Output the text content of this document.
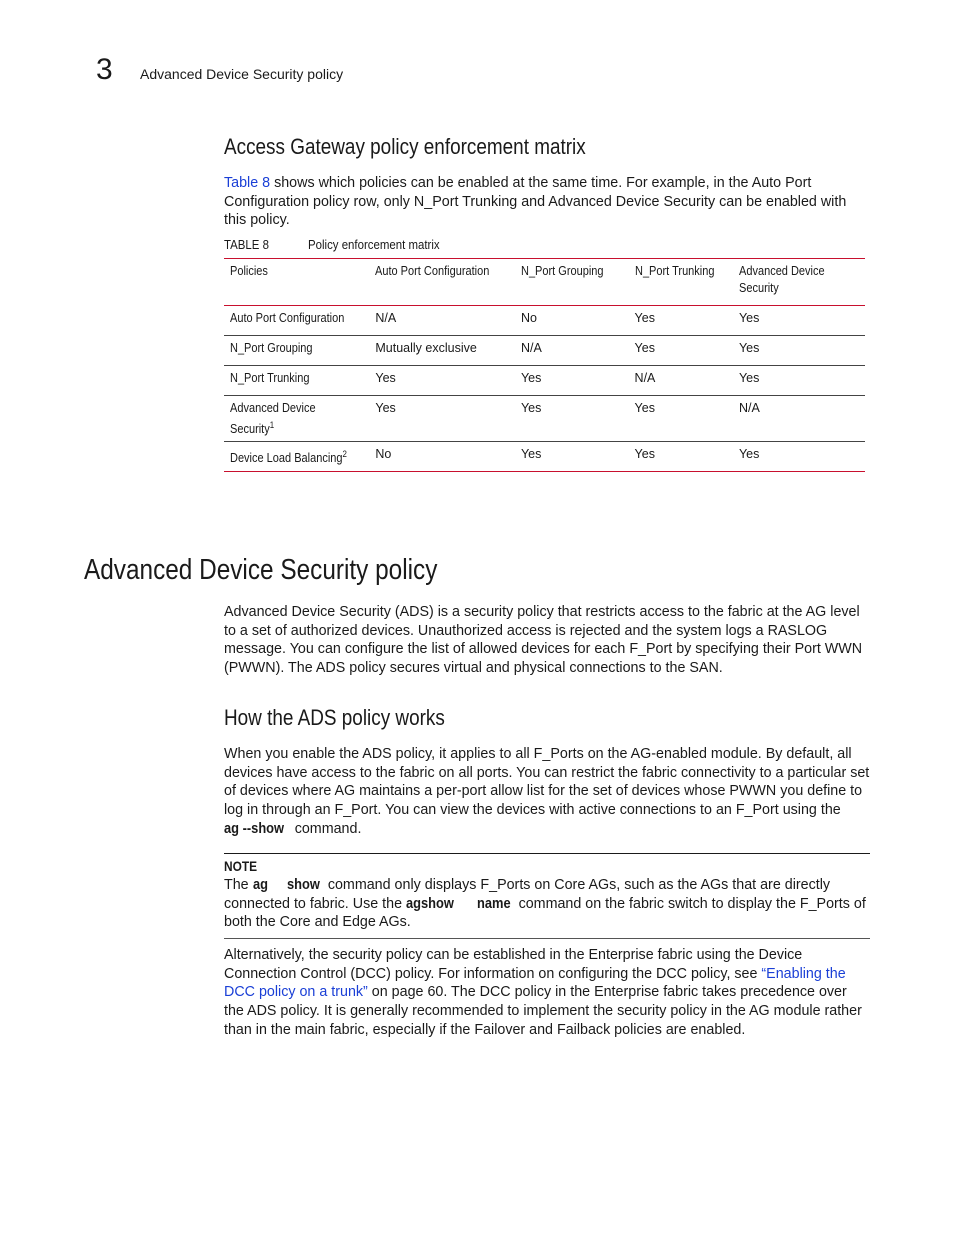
3 Advanced Device Security policy
Access Gateway policy enforcement matrix
Table 8 shows which policies can be enabled at the same time. For example, in the Auto Port Configuration policy row, only N_Port Trunking and Advanced Device Security can be enabled with this policy.
TABLE 8	Policy enforcement matrix
Policies	Auto Port Configuration	N_Port Grouping	N_Port Trunking	Advanced Device Security
Auto Port Configuration	N/A	No	Yes	Yes
N_Port Grouping	Mutually exclusive	N/A	Yes	Yes
N_Port Trunking	Yes	Yes	N/A	Yes
Advanced Device Security$^1$	Yes	Yes	Yes	N/A
Device Load Balancing$^2$	No	Yes	Yes	Yes
Advanced Device Security policy
Advanced Device Security (ADS) is a security policy that restricts access to the fabric at the AG level to a set of authorized devices. Unauthorized access is rejected and the system logs a RASLOG message. You can configure the list of allowed devices for each F_Port by specifying their Port WWN (PWWN). The ADS policy secures virtual and physical connections to the SAN.
How the ADS policy works
When you enable the ADS policy, it applies to all F_Ports on the AG-enabled module. By default, all devices have access to the fabric on all ports. You can restrict the fabric connectivity to a particular set of devices where AG maintains a per-port allow list for the set of devices whose PWWN you define to log in through an F_Port. You can view the devices with active connections to an F_Port using the ag --show command.
NOTE
The ag show command only displays F_Ports on Core AGs, such as the AGs that are directly connected to fabric. Use the agshow name command on the fabric switch to display the F_Ports of both the Core and Edge AGs.
Alternatively, the security policy can be established in the Enterprise fabric using the Device Connection Control (DCC) policy. For information on configuring the DCC policy, see “Enabling the DCC policy on a trunk” on page 60. The DCC policy in the Enterprise fabric takes precedence over the ADS policy. It is generally recommended to implement the security policy in the AG module rather than in the main fabric, especially if the Failover and Failback policies are enabled.
